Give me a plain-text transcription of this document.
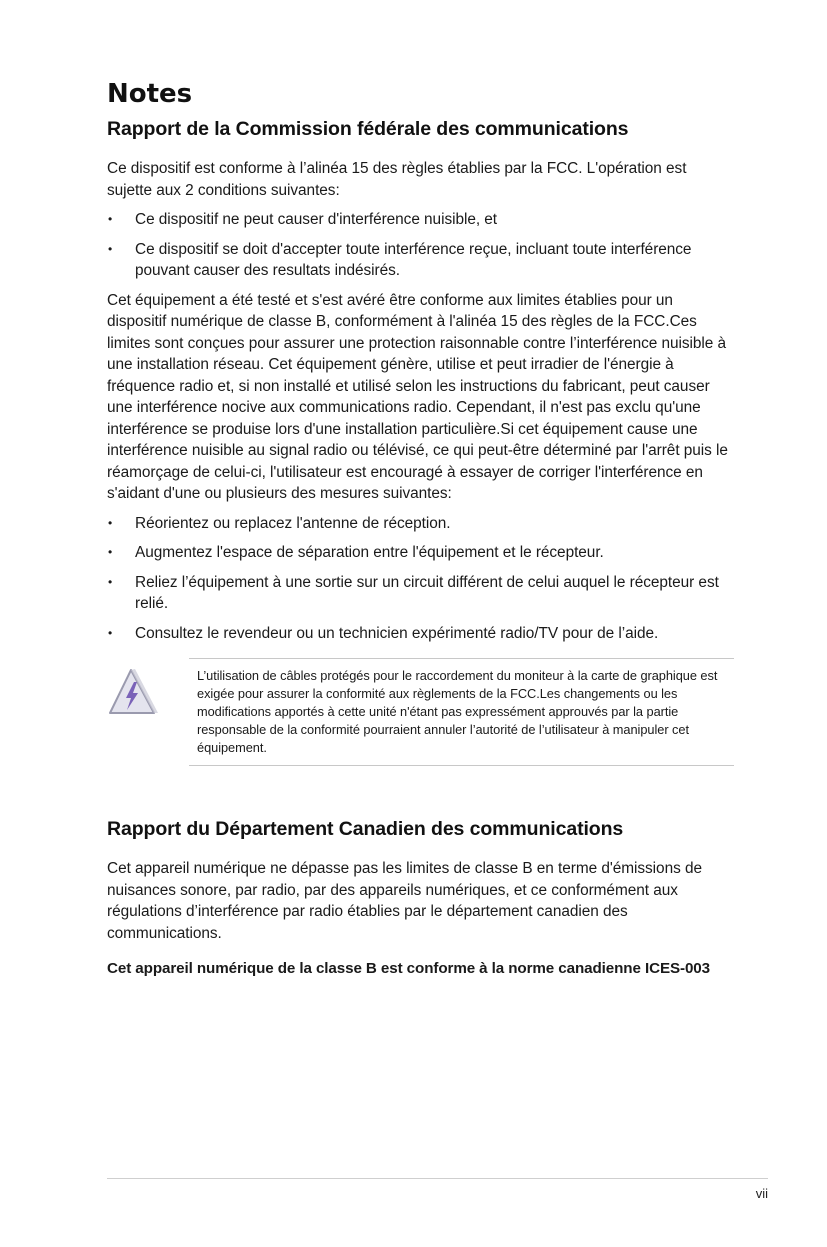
Notes
Rapport de la Commission fédérale des communications

Ce dispositif est conforme à l’alinéa 15 des règles établies par la FCC. L'opération est sujette aux 2 conditions suivantes:

• Ce dispositif ne peut causer d'interférence nuisible, et
• Ce dispositif se doit d'accepter toute interférence reçue, incluant toute interférence pouvant causer des resultats indésirés.

Cet équipement a été testé et s'est avéré être conforme aux limites établies pour un dispositif numérique de classe B, conformément à l'alinéa 15 des règles de la FCC.Ces limites sont conçues pour assurer une protection raisonnable contre l’interférence nuisible à une installation réseau. Cet équipement génère, utilise et peut irradier de l'énergie à fréquence radio et, si non installé et utilisé selon les instructions du fabricant, peut causer une interférence nocive aux communications radio. Cependant, il n'est pas exclu qu'une interférence se produise lors d'une installation particulière.Si cet équipement cause une interférence nuisible au signal radio ou télévisé, ce qui peut-être déterminé par l'arrêt puis le réamorçage de celui-ci, l'utilisateur est encouragé à essayer de corriger l'interférence en s'aidant d'une ou plusieurs des mesures suivantes:

• Réorientez ou replacez l'antenne de réception.
• Augmentez l'espace de séparation entre l'équipement et le récepteur.
• Reliez l’équipement à une sortie sur un circuit différent de celui auquel le récepteur est relié.
• Consultez le revendeur ou un technicien expérimenté radio/TV pour de l’aide.
L’utilisation de câbles protégés pour le raccordement du moniteur à la carte de graphique est exigée pour assurer la conformité aux règlements de la FCC.Les changements ou les modifications apportés à cette unité n'étant pas expressément approuvés par la partie responsable de la conformité pourraient annuler l’autorité de l’utilisateur à manipuler cet équipement.
Rapport du Département Canadien des communications

Cet appareil numérique ne dépasse pas les limites de classe B en terme d'émissions de nuisances sonore, par radio, par des appareils numériques, et ce conformément aux régulations d’interférence par radio établies par le département canadien des communications.

Cet appareil numérique de la classe B est conforme à la norme canadienne ICES-003

vii
